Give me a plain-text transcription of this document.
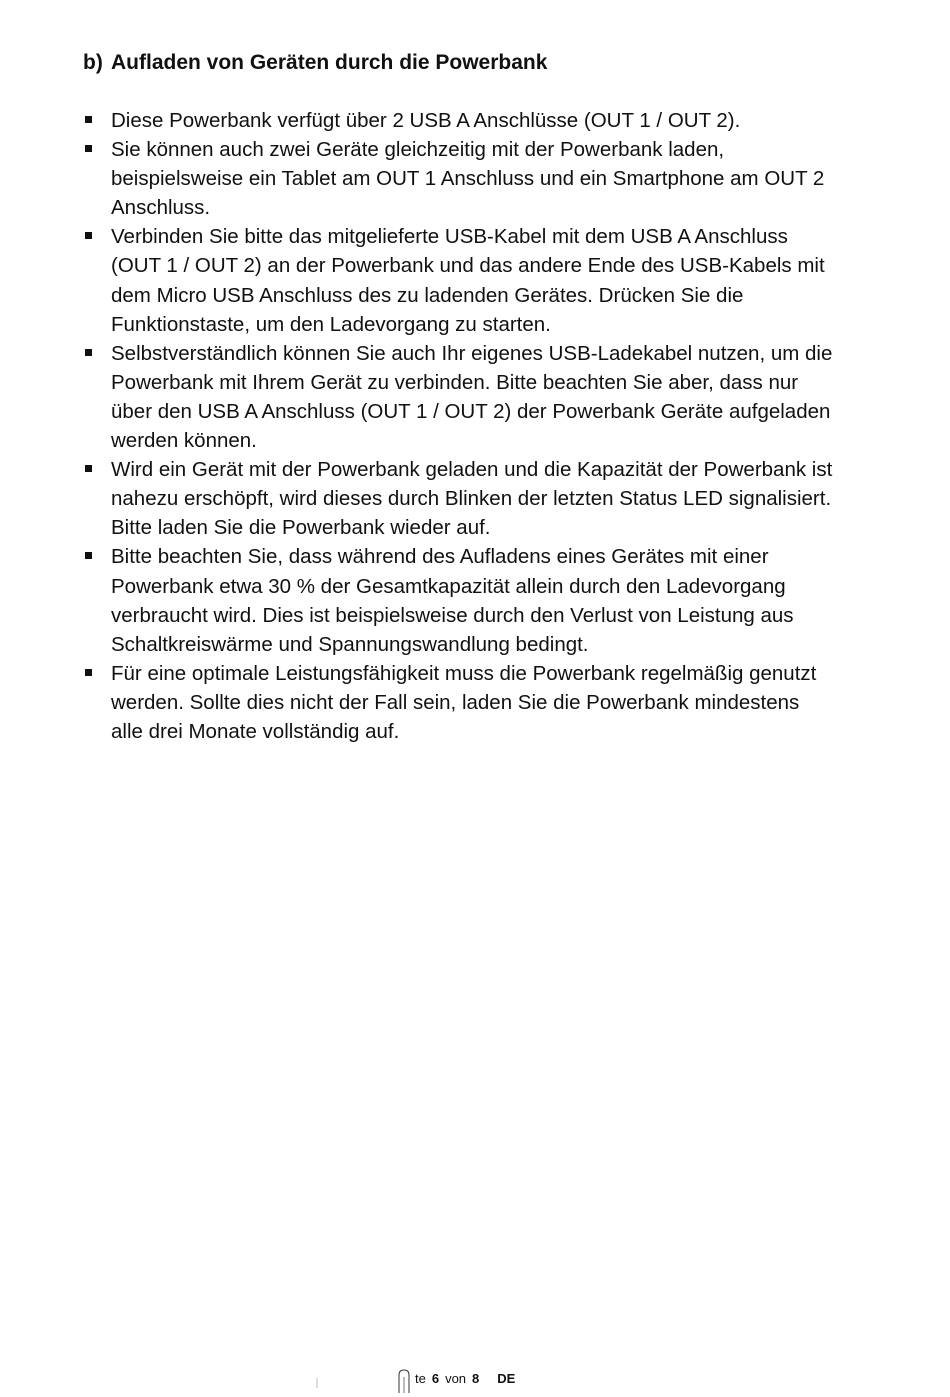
b) Aufladen von Geräten durch die Powerbank
Diese Powerbank verfügt über 2 USB A Anschlüsse (OUT 1 / OUT 2).
Sie können auch zwei Geräte gleichzeitig mit der Powerbank laden, beispielsweise ein Tablet am OUT 1 Anschluss und ein Smartphone am OUT 2 Anschluss.
Verbinden Sie bitte das mitgelieferte USB-Kabel mit dem USB A Anschluss (OUT 1 / OUT 2) an der Powerbank und das andere Ende des USB-Kabels mit dem Micro USB Anschluss des zu ladenden Gerätes. Drücken Sie die Funktionstaste, um den Ladevorgang zu starten.
Selbstverständlich können Sie auch Ihr eigenes USB-Ladekabel nutzen, um die Powerbank mit Ihrem Gerät zu verbinden. Bitte beachten Sie aber, dass nur über den USB A Anschluss (OUT 1 / OUT 2) der Powerbank Geräte aufgeladen werden können.
Wird ein Gerät mit der Powerbank geladen und die Kapazität der Powerbank ist nahezu erschöpft, wird dieses durch Blinken der letzten Status LED signalisiert. Bitte laden Sie die Powerbank wieder auf.
Bitte beachten Sie, dass während des Aufladens eines Gerätes mit einer Powerbank etwa 30 % der Gesamtkapazität allein durch den Ladevorgang verbraucht wird. Dies ist beispielsweise durch den Verlust von Leistung aus Schaltkreiswärme und Spannungswandlung bedingt.
Für eine optimale Leistungsfähigkeit muss die Powerbank regelmäßig genutzt werden. Sollte dies nicht der Fall sein, laden Sie die Powerbank mindestens alle drei Monate vollständig auf.
te 6 von 8 DE
